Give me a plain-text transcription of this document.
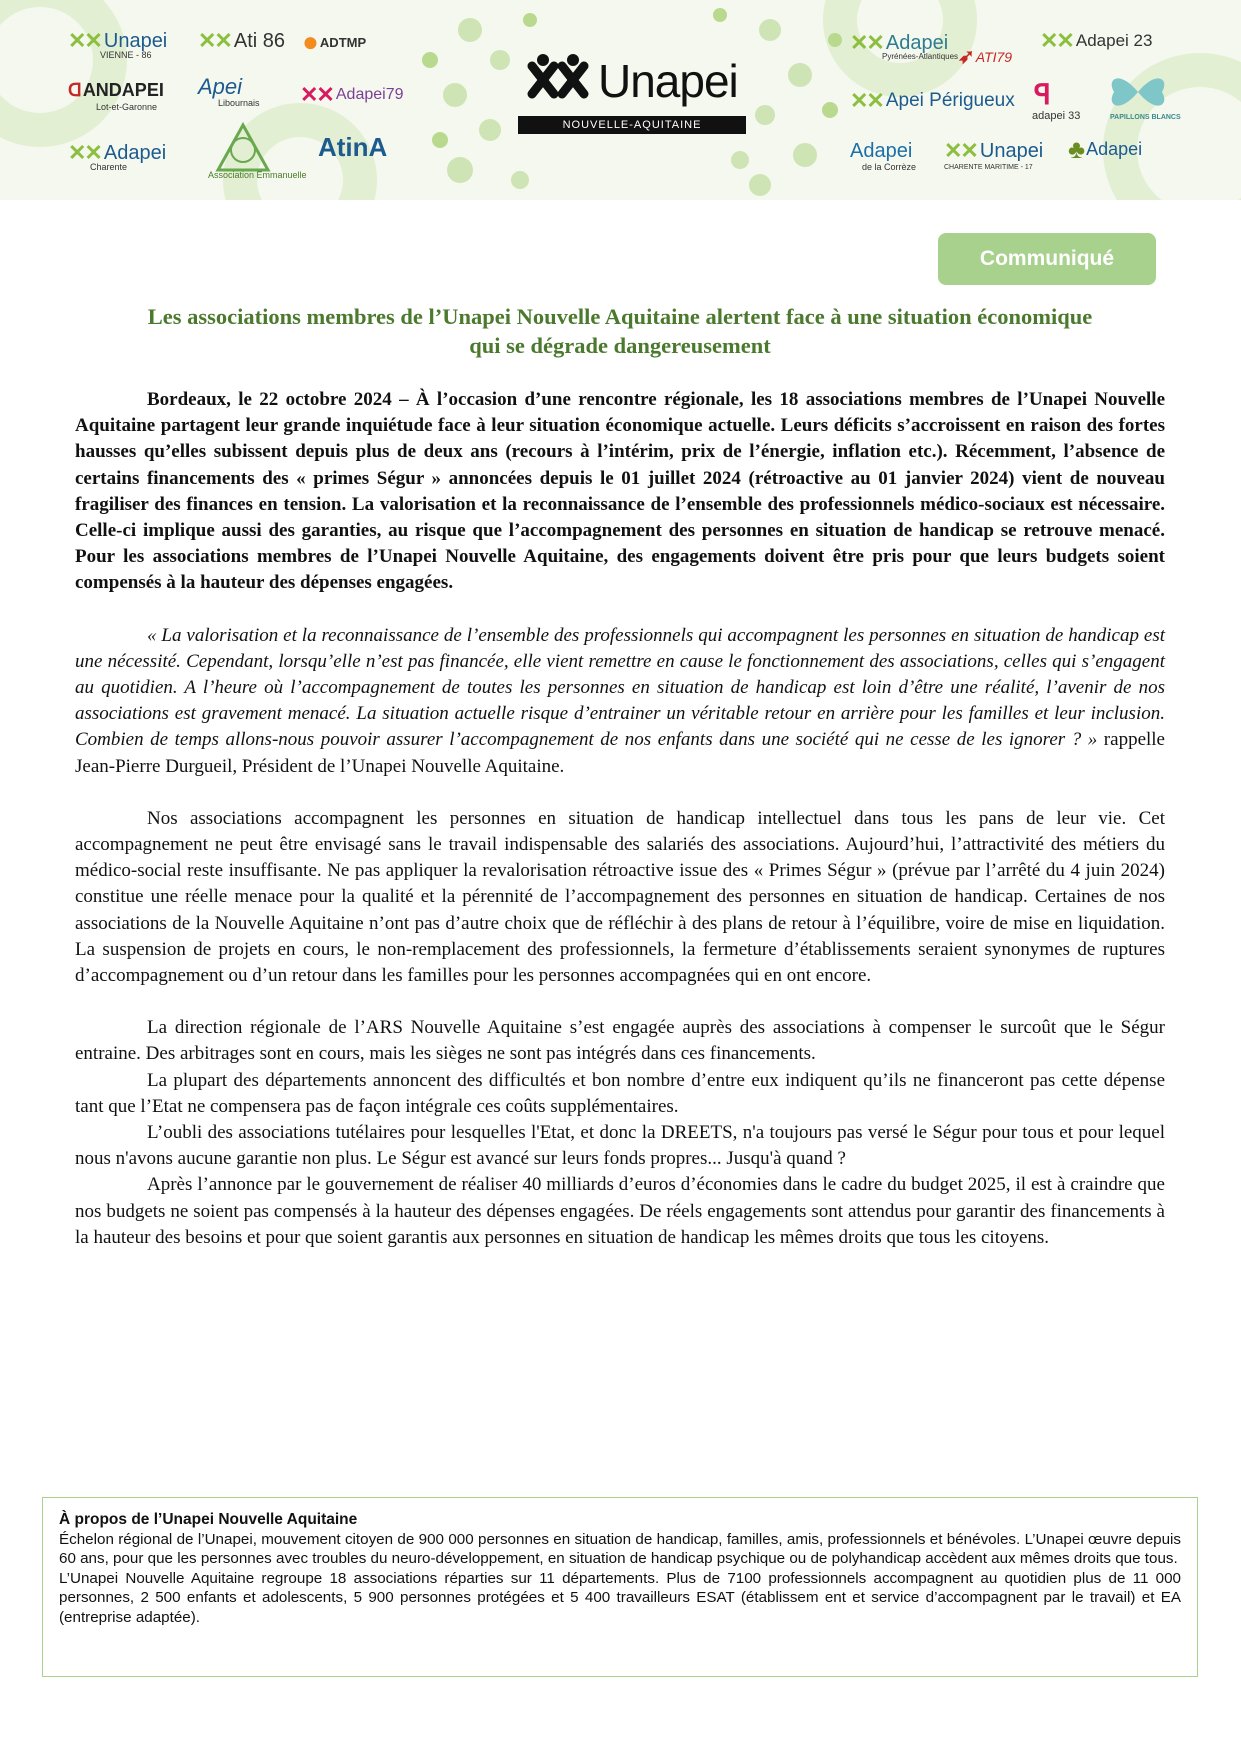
✕✕ Unapei
VIENNE - 86
✕✕ Ati 86 ● ADTMP
ᗡ ANDAPEI
Lot-et-Garonne
Apei
Libournais ✕✕ Adapei79
✕✕ Adapei
Charente
Association Emmanuelle
AtinA
Unapei
NOUVELLE-AQUITAINE
✕✕ Adapei
Pyrénées-Atlantiques ➶ ATI79
✕✕ Adapei 23
✕✕ Apei Périgueux ꟼ
adapei 33	PAPILLONS BLANCS
Adapei
de la Corrèze
✕✕ Unapei
CHARENTE MARITIME - 17
♣ Adapei
Communiqué
Les associations membres de l’Unapei Nouvelle Aquitaine alertent face à une situation économique
qui se dégrade dangereusement

Bordeaux, le 22 octobre 2024 – À l’occasion d’une rencontre régionale, les 18 associations membres de l’Unapei Nouvelle Aquitaine partagent leur grande inquiétude face à leur situation économique actuelle. Leurs déficits s’accroissent en raison des fortes hausses qu’elles subissent depuis plus de deux ans (recours à l’intérim, prix de l’énergie, inflation etc.). Récemment, l’absence de certains financements des « primes Ségur » annoncées depuis le 01 juillet 2024 (rétroactive au 01 janvier 2024) vient de nouveau fragiliser des finances en tension. La valorisation et la reconnaissance de l’ensemble des professionnels médico-sociaux est nécessaire. Celle-ci implique aussi des garanties, au risque que l’accompagnement des personnes en situation de handicap se retrouve menacé. Pour les associations membres de l’Unapei Nouvelle Aquitaine, des engagements doivent être pris pour que leurs budgets soient compensés à la hauteur des dépenses engagées.

« La valorisation et la reconnaissance de l’ensemble des professionnels qui accompagnent les personnes en situation de handicap est une nécessité. Cependant, lorsqu’elle n’est pas financée, elle vient remettre en cause le fonctionnement des associations, celles qui s’engagent au quotidien. A l’heure où l’accompagnement de toutes les personnes en situation de handicap est loin d’être une réalité, l’avenir de nos associations est gravement menacé. La situation actuelle risque d’entrainer un véritable retour en arrière pour les familles et leur inclusion. Combien de temps allons-nous pouvoir assurer l’accompagnement de nos enfants dans une société qui ne cesse de les ignorer ? » rappelle Jean-Pierre Durgueil, Président de l’Unapei Nouvelle Aquitaine.

Nos associations accompagnent les personnes en situation de handicap intellectuel dans tous les pans de leur vie. Cet accompagnement ne peut être envisagé sans le travail indispensable des salariés des associations. Aujourd’hui, l’attractivité des métiers du médico-social reste insuffisante. Ne pas appliquer la revalorisation rétroactive issue des « Primes Ségur » (prévue par l’arrêté du 4 juin 2024) constitue une réelle menace pour la qualité et la pérennité de l’accompagnement des personnes en situation de handicap. Certaines de nos associations de la Nouvelle Aquitaine n’ont pas d’autre choix que de réfléchir à des plans de retour à l’équilibre, voire de mise en liquidation. La suspension de projets en cours, le non-remplacement des professionnels, la fermeture d’établissements seraient synonymes de ruptures d’accompagnement ou d’un retour dans les familles pour les personnes accompagnées qui en ont encore.

La direction régionale de l’ARS Nouvelle Aquitaine s’est engagée auprès des associations à compenser le surcoût que le Ségur entraine. Des arbitrages sont en cours, mais les sièges ne sont pas intégrés dans ces financements.

La plupart des départements annoncent des difficultés et bon nombre d’entre eux indiquent qu’ils ne financeront pas cette dépense tant que l’Etat ne compensera pas de façon intégrale ces coûts supplémentaires.

L’oubli des associations tutélaires pour lesquelles l'Etat, et donc la DREETS, n'a toujours pas versé le Ségur pour tous et pour lequel nous n'avons aucune garantie non plus. Le Ségur est avancé sur leurs fonds propres... Jusqu'à quand ?

Après l’annonce par le gouvernement de réaliser 40 milliards d’euros d’économies dans le cadre du budget 2025, il est à craindre que nos budgets ne soient pas compensés à la hauteur des dépenses engagées. De réels engagements sont attendus pour garantir des financements à la hauteur des besoins et pour que soient garantis aux personnes en situation de handicap les mêmes droits que tous les citoyens.

À propos de l’Unapei Nouvelle Aquitaine

Échelon régional de l’Unapei, mouvement citoyen de 900 000 personnes en situation de handicap, familles, amis, professionnels et bénévoles. L’Unapei œuvre depuis 60 ans, pour que les personnes avec troubles du neuro-développement, en situation de handicap psychique ou de polyhandicap accèdent aux mêmes droits que tous.

L’Unapei Nouvelle Aquitaine regroupe 18 associations réparties sur 11 départements. Plus de 7100 professionnels accompagnent au quotidien plus de 11 000 personnes, 2 500 enfants et adolescents, 5 900 personnes protégées et 5 400 travailleurs ESAT (établissem ent et service d’accompagnent par le travail) et EA (entreprise adaptée).
